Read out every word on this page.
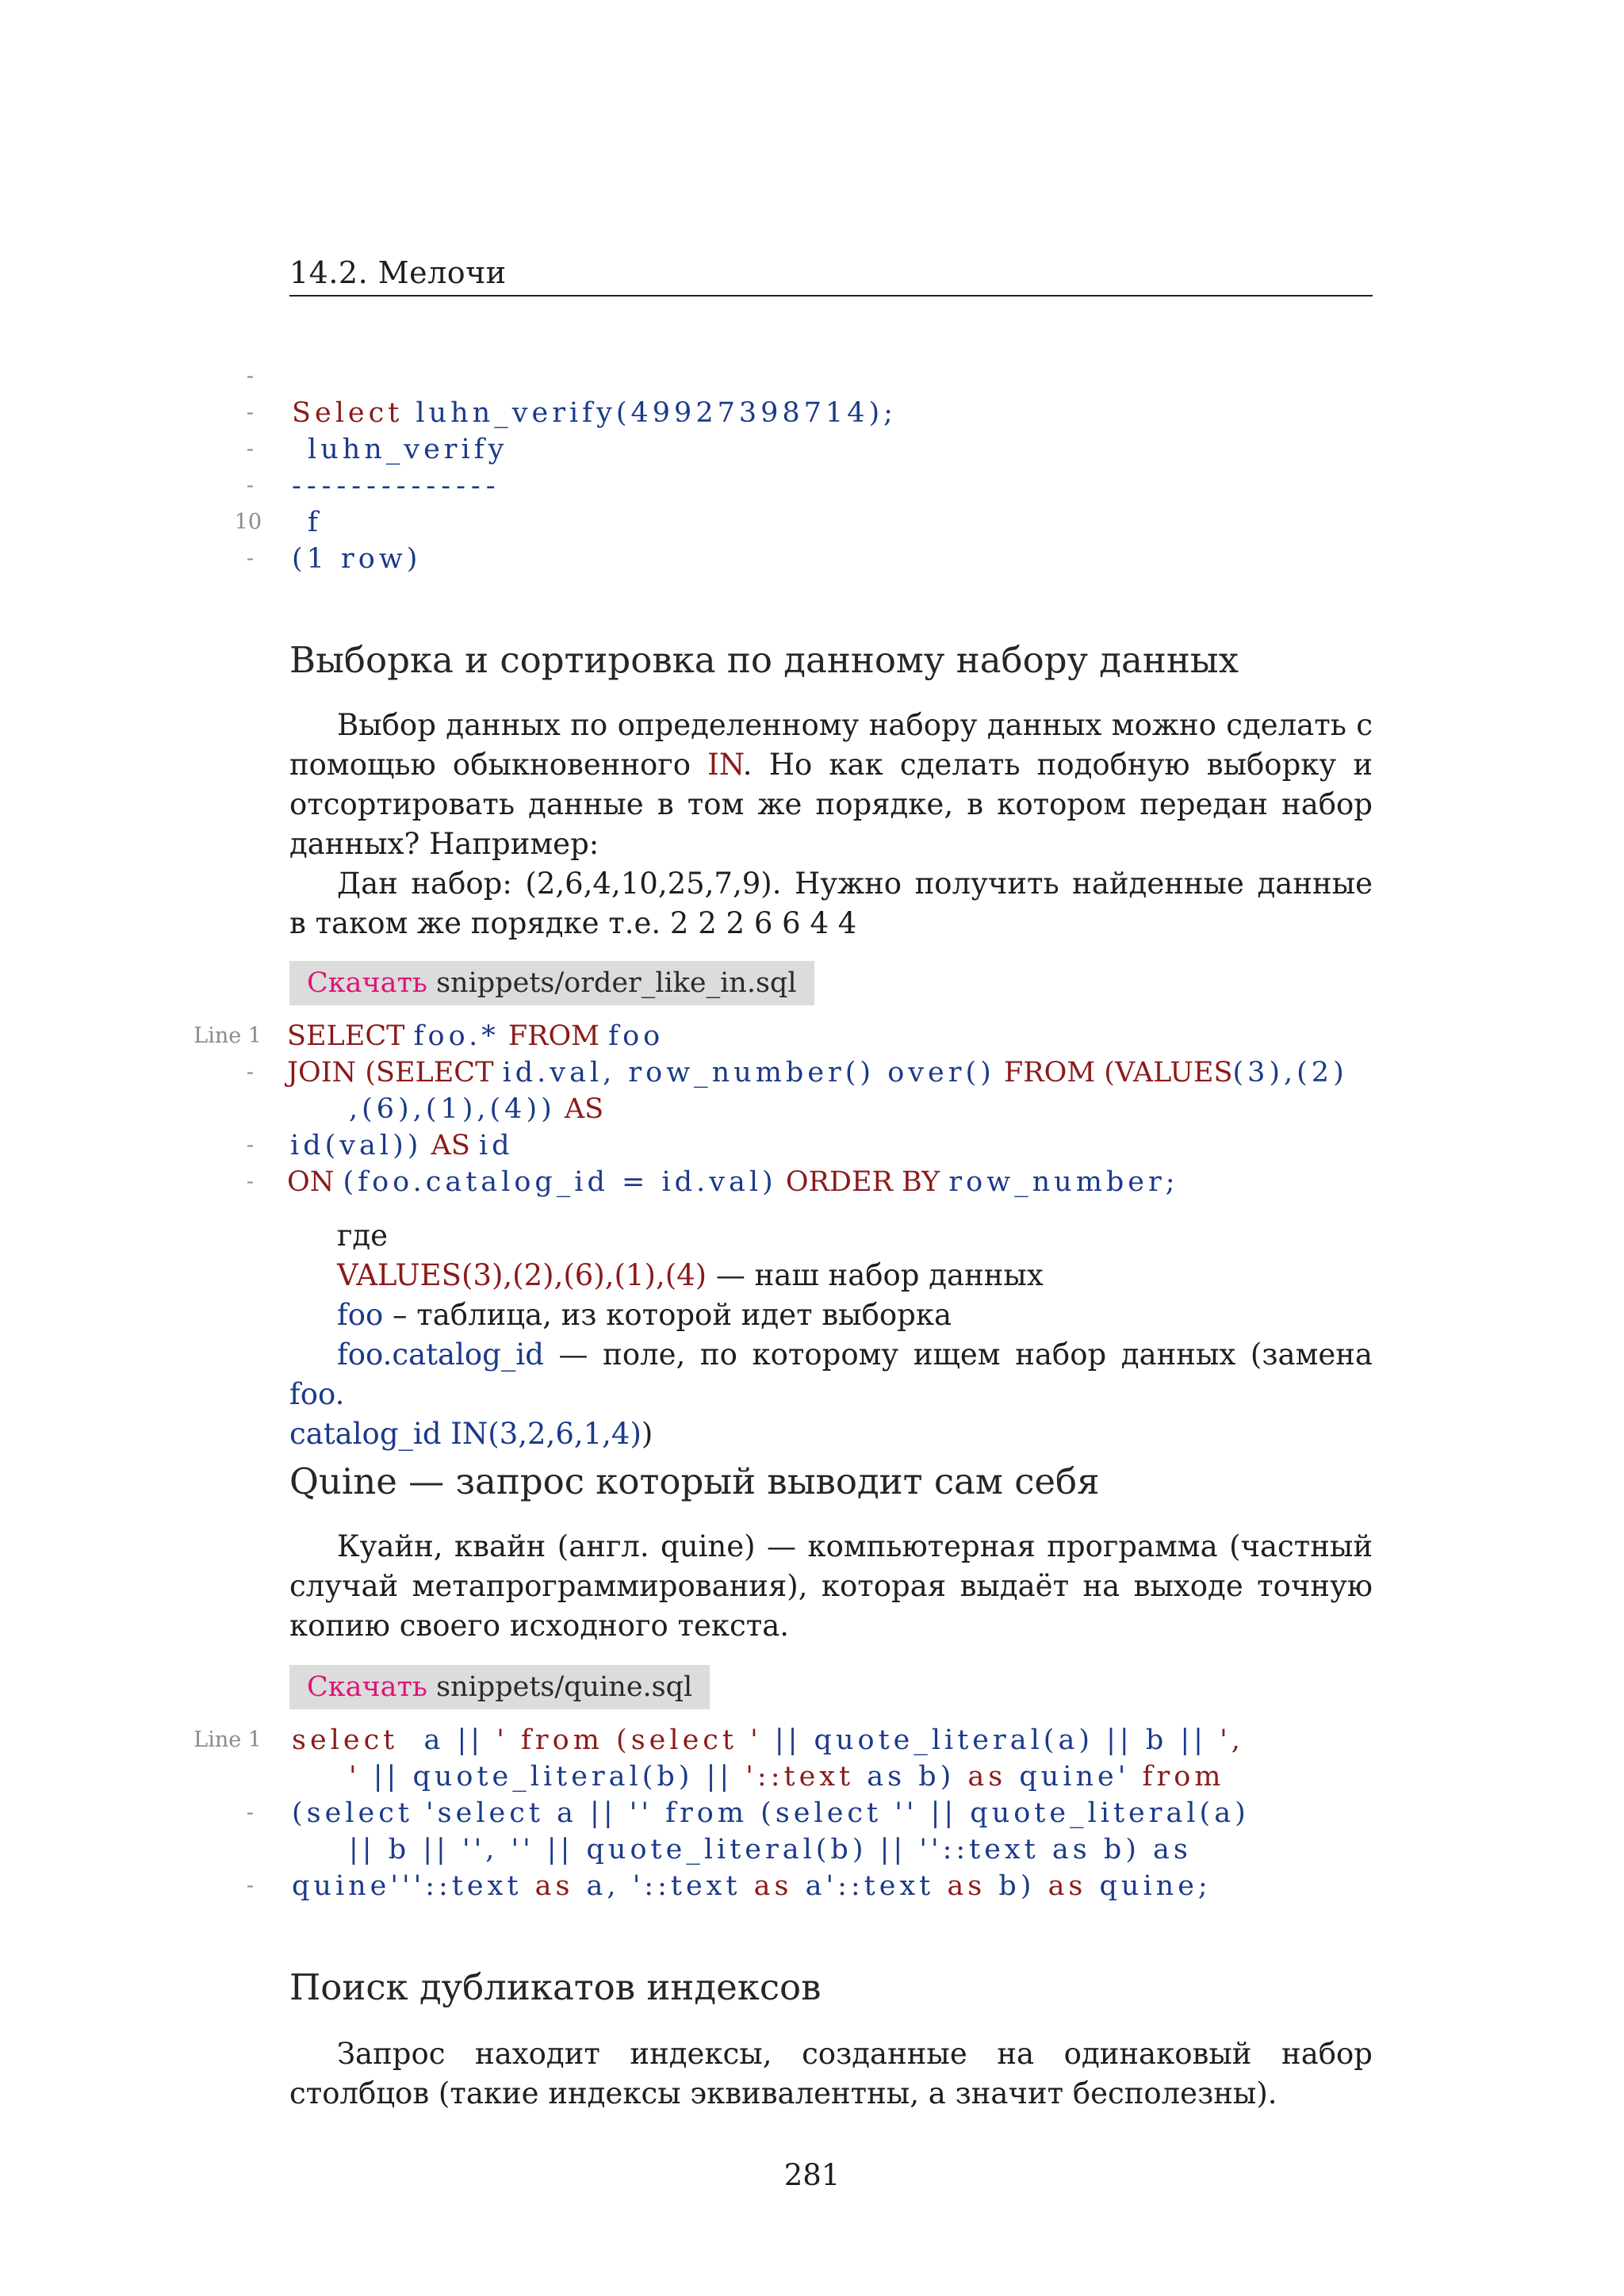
14.2. Мелочи
-
-
-
-
10
-
Select luhn_verify(49927398714);
luhn_verify
--------------
f
(1 row)
Выборка и сортировка по данному набору данных
Выбор данных по определенному набору данных можно сделать с помощью обыкновенного IN. Но как сделать подобную выборку и отсортировать данные в том же порядке, в котором передан набор данных? Например:
Дан набор: (2,6,4,10,25,7,9). Нужно получить найденные данные в таком же порядке т.е. 2 2 2 6 6 4 4
Скачать snippets/order_like_in.sql
Line 1
-
-
-
SELECT foo.* FROM foo
JOIN (SELECT id.val, row_number() over() FROM (VALUES(3),(2)
,(6),(1),(4)) AS
id(val)) AS id
ON (foo.catalog_id = id.val) ORDER BY row_number;
где
VALUES(3),(2),(6),(1),(4) — наш набор данных
foo – таблица, из которой идет выборка
foo.catalog_id — поле, по которому ищем набор данных (замена foo.
catalog_id IN(3,2,6,1,4))
Quine — запрос который выводит сам себя
Куайн, квайн (англ. quine) — компьютерная программа (частный случай метапрограммирования), которая выдаёт на выходе точную копию своего исходного текста.
Скачать snippets/quine.sql
Line 1
-
-
select a || ' from (select ' || quote_literal(a) || b || ',
' || quote_literal(b) || '::text as b) as quine' from
(select 'select a || '' from (select '' || quote_literal(a)
|| b || '', '' || quote_literal(b) || ''::text as b) as
quine'''::text as a, '::text as a'::text as b) as quine;
Поиск дубликатов индексов
Запрос находит индексы, созданные на одинаковый набор столбцов (такие индексы эквивалентны, а значит бесполезны).
281
